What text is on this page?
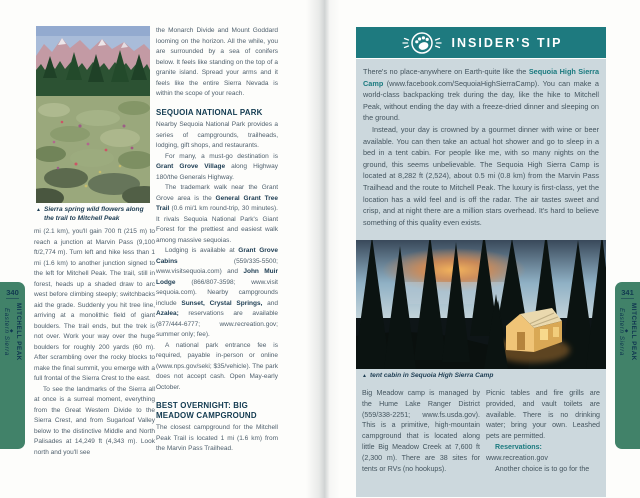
▲ Sierra spring wild flowers along the trail to Mitchell Peak

mi (2.1 km), you'll gain 700 ft (215 m) to reach a junction at Marvin Pass (9,100 ft/2,774 m). Turn left and hike less than 1 mi (1.6 km) to another junction signed to the left for Mitchell Peak. The trail, still in forest, heads up a shaded draw to arc west before climbing steeply; switchbacks aid the grade. Suddenly you hit tree line, arriving at a monolithic field of giant boulders. The trail ends, but the trek is not over. Work your way over the huge boulders for roughly 200 yards (60 m). After scrambling over the rocky blocks to make the final summit, you emerge with a full frontal of the Sierra Crest to the east.

To see the landmarks of the Sierra all at once is a surreal moment, everything from the Great Western Divide to the Sierra Crest, and from Sugarloaf Valley below to the distinctive Middle and North Palisades at 14,249 ft (4,343 m). Look north and you'll see

the Monarch Divide and Mount Goddard looming on the horizon. All the while, you are surrounded by a sea of conifers below. It feels like standing on the top of a granite island. Spread your arms and it feels like the entire Sierra Nevada is within the scope of your reach.

SEQUOIA NATIONAL PARK

Nearby Sequoia National Park provides a series of campgrounds, trailheads, lodging, gift shops, and restaurants.

For many, a must-go destination is Grant Grove Village along Highway 180/the Generals Highway.

The trademark walk near the Grant Grove area is the General Grant Tree Trail (0.6 mi/1 km round-trip, 30 minutes). It rivals Sequoia National Park's Giant Forest for the prettiest and easiest walk among massive sequoias.

Lodging is available at Grant Grove Cabins (559/335-5500; www.visitsequoia.com) and John Muir Lodge (866/807-3598; www.visit sequoia.com). Nearby campgrounds include Sunset, Crystal Springs, and Azalea; reservations are available (877/444-6777; www.recreation.gov; summer only; fee).

A national park entrance fee is required, payable in-person or online (www.nps.gov/seki; $35/vehicle). The park does not accept cash. Open May-early October.

BEST OVERNIGHT: BIG MEADOW CAMPGROUND

The closest campground for the Mitchell Peak Trail is located 1 mi (1.6 km) from the Marvin Pass Trailhead.

340
MITCHELL PEAK
◆
Eastern Sierra
INSIDER'S TIP

There's no place-anywhere on Earth-quite like the Sequoia High Sierra Camp (www.facebook.com/SequoiaHighSierraCamp). You can make a world-class backpacking trek during the day, like the hike to Mitchell Peak, without ending the day with a freeze-dried dinner and sleeping on the ground.

Instead, your day is crowned by a gourmet dinner with wine or beer available. You can then take an actual hot shower and go to sleep in a bed in a tent cabin. For people like me, with so many nights on the ground, this seems unbelievable. The Sequoia High Sierra Camp is located at 8,282 ft (2,524), about 0.5 mi (0.8 km) from the Marvin Pass Trailhead and the route to Mitchell Peak. The luxury is first-class, yet the location has a wild feel and is off the radar. The air tastes sweet and crisp, and at night there are a million stars overhead. It's hard to believe something of this quality even exists.

▲ tent cabin in Sequoia High Sierra Camp

Big Meadow camp is managed by the Hume Lake Ranger District (559/338-2251; www.fs.usda.gov). This is a primitive, high-mountain campground that is located along little Big Meadow Creek at 7,600 ft (2,300 m). There are 38 sites for tents or RVs (no hookups).

Picnic tables and fire grills are provided, and vault toilets are available. There is no drinking water; bring your own. Leashed pets are permitted.

Reservations: www.recreation.gov

Another choice is to go for the

341
MITCHELL PEAK
◆
Eastern Sierra
